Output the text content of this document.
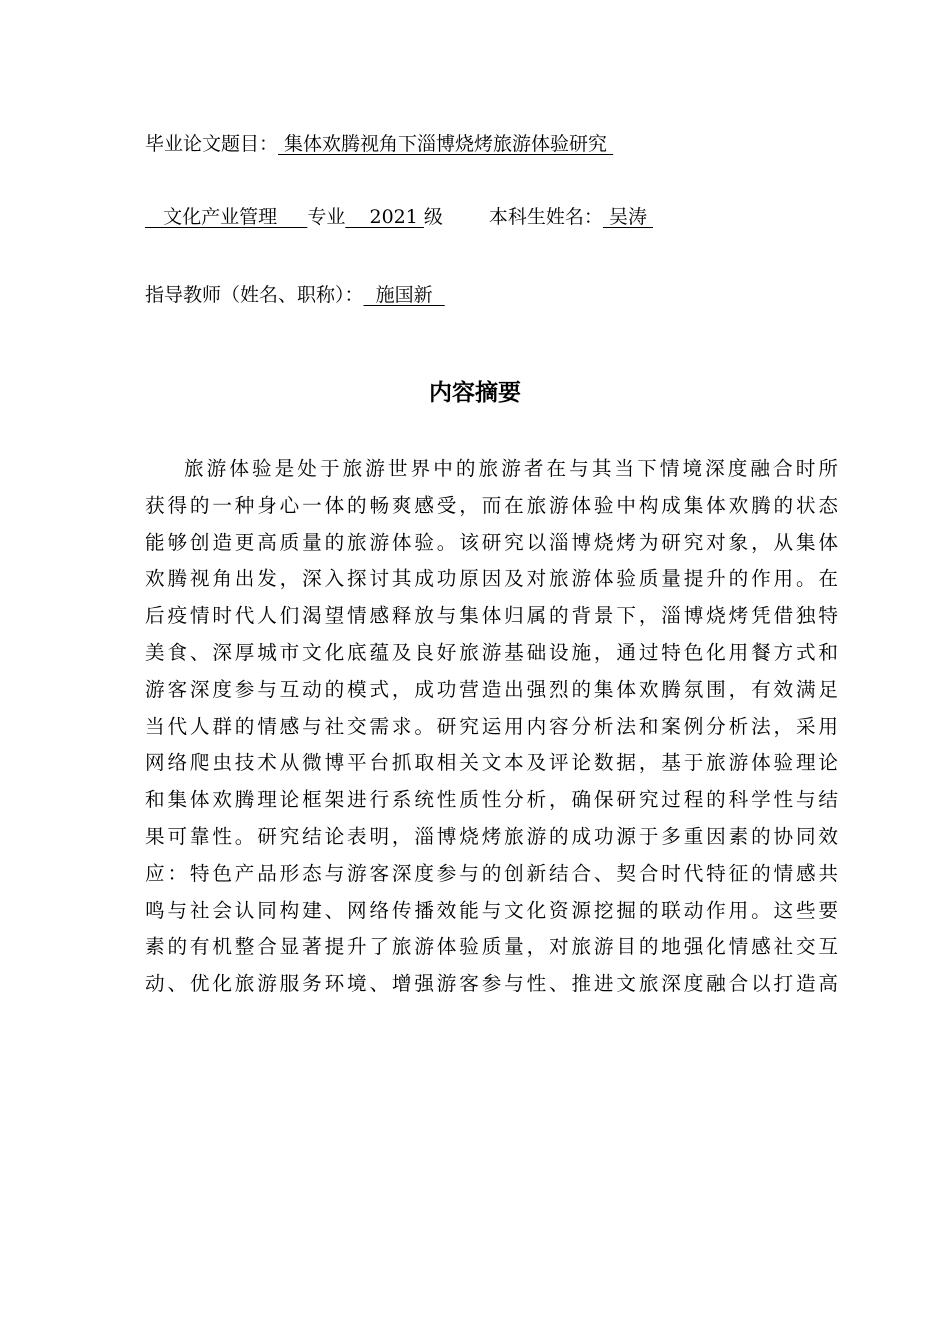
毕业论文题目： 集体欢腾视角下淄博烧烤旅游体验研究
文化产业管理     专业    2021 级 本科生姓名： 吴涛
指导教师（姓名、职称）：  施国新
内容摘要
旅游体验是处于旅游世界中的旅游者在与其当下情境深度融合时所
获得的一种身心一体的畅爽感受，而在旅游体验中构成集体欢腾的状态
能够创造更高质量的旅游体验。该研究以淄博烧烤为研究对象，从集体
欢腾视角出发，深入探讨其成功原因及对旅游体验质量提升的作用。在
后疫情时代人们渴望情感释放与集体归属的背景下，淄博烧烤凭借独特
美食、深厚城市文化底蕴及良好旅游基础设施，通过特色化用餐方式和
游客深度参与互动的模式，成功营造出强烈的集体欢腾氛围，有效满足
当代人群的情感与社交需求。研究运用内容分析法和案例分析法，采用
网络爬虫技术从微博平台抓取相关文本及评论数据，基于旅游体验理论
和集体欢腾理论框架进行系统性质性分析，确保研究过程的科学性与结
果可靠性。研究结论表明，淄博烧烤旅游的成功源于多重因素的协同效
应：特色产品形态与游客深度参与的创新结合、契合时代特征的情感共
鸣与社会认同构建、网络传播效能与文化资源挖掘的联动作用。这些要
素的有机整合显著提升了旅游体验质量，对旅游目的地强化情感社交互
动、优化旅游服务环境、增强游客参与性、推进文旅深度融合以打造高
